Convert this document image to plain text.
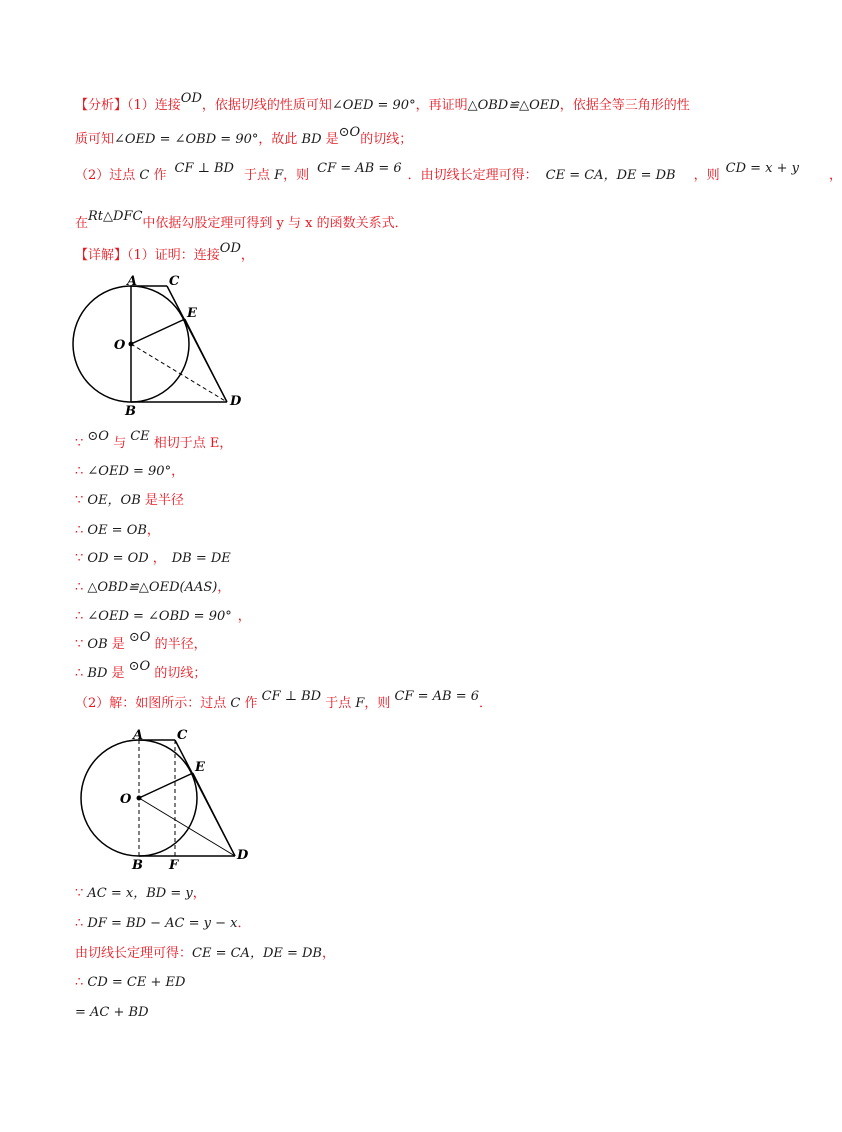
【分析】（1）连接OD，依据切线的性质可知∠OED = 90°，再证明△OBD≌△OED，依据全等三角形的性
质可知∠OED = ∠OBD = 90°，故此 BD 是⊙O的切线；
（2）过点 C 作 CF ⊥ BD 于点 F，则 CF = AB = 6 ．由切线长定理可得： CE = CA，DE = DB ，则 CD = x + y ，
在Rt△DFC中依据勾股定理可得到 y 与 x 的函数关系式．
【详解】（1）证明：连接OD，
A C
E
O
B
D
∵ ⊙O 与 CE 相切于点 E，
∴ ∠OED = 90°，
∵ OE，OB 是半径
∴ OE = OB，
∵ OD = OD ， DB = DE
∴ △OBD≌△OED(AAS)，
∴ ∠OED = ∠OBD = 90° ，
∵ OB 是 ⊙O 的半径，
∴ BD 是 ⊙O 的切线；
（2）解：如图所示：过点 C 作 CF ⊥ BD 于点 F，则 CF = AB = 6．
A	C
E
O
B F
D
∵ AC = x，BD = y，
∴ DF = BD − AC = y − x．
由切线长定理可得：CE = CA，DE = DB，
∴ CD = CE + ED
= AC + BD
